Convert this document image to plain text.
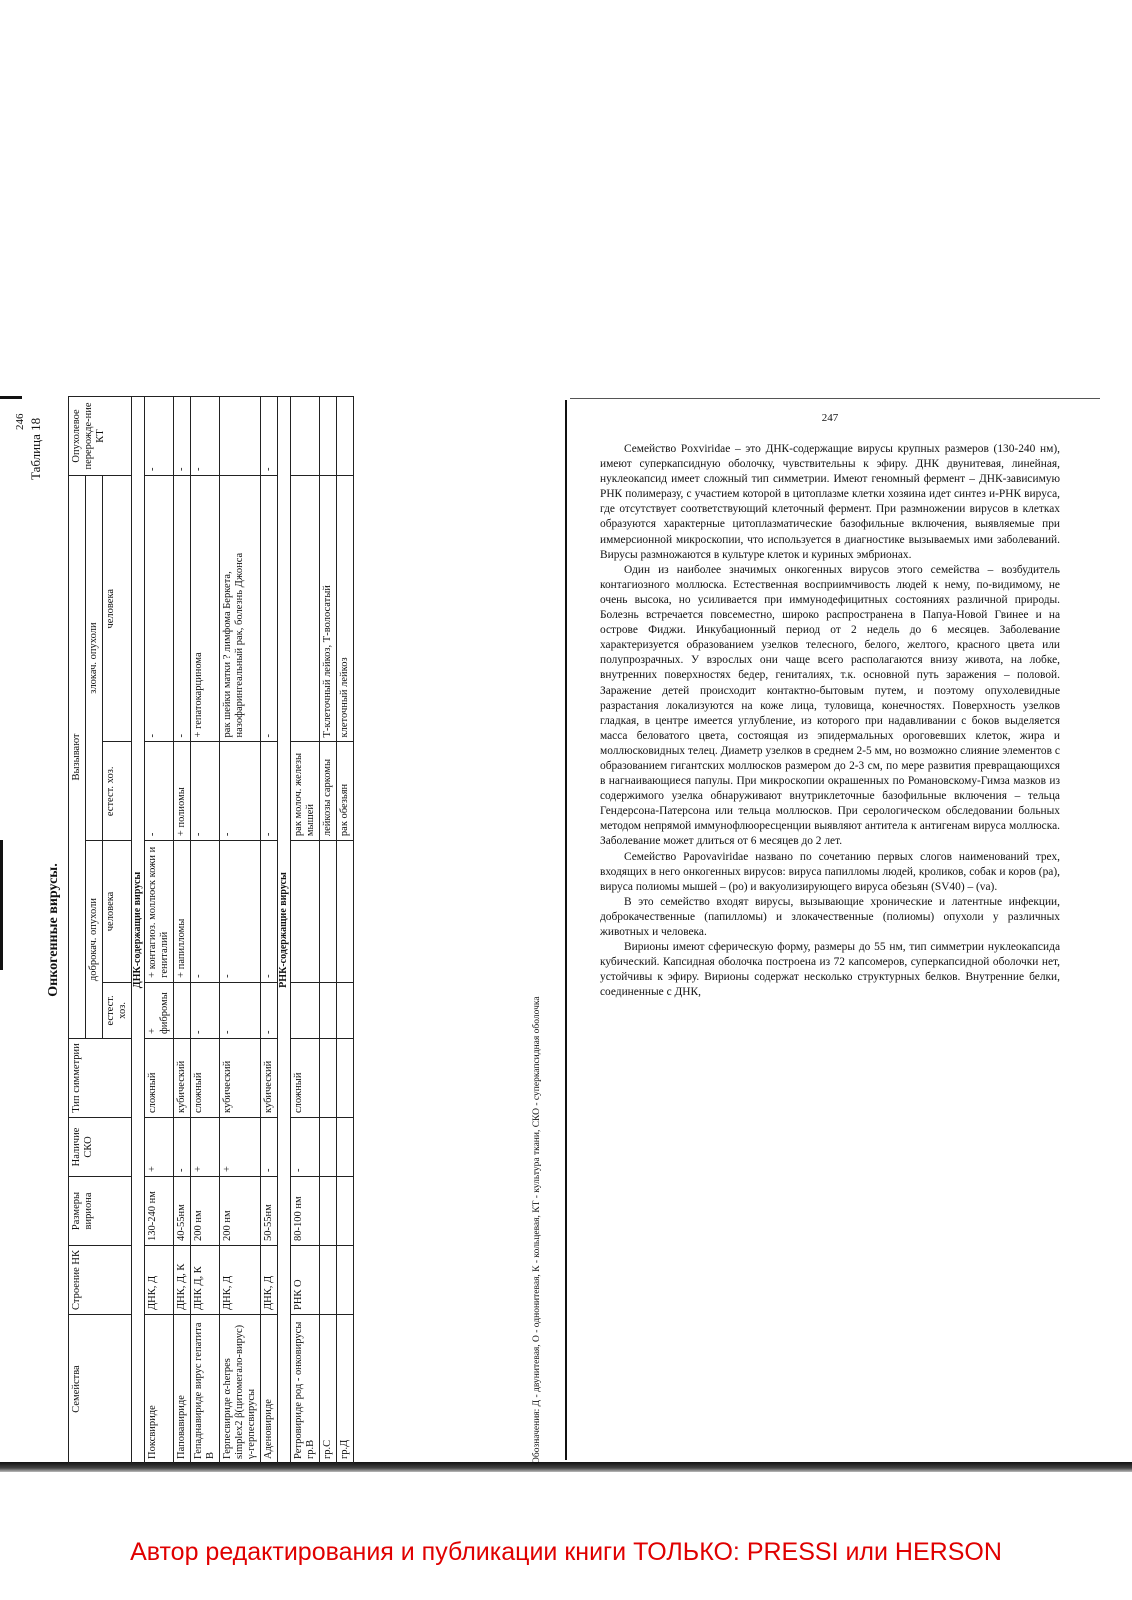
246 Таблица 18
Онкогенные вирусы.
Семейства	Строение НК	Размеры вириона	Наличие СКО	Тип симметрии	Вызывают				Опухолевое перерожде-ние КТ
					доброкач. опухоли		злокач. опухоли		
					естест. хоз.	человека	естест. хоз.	человека	
ДНК-содержащие вирусы									
Поксвириде	ДНК, Д	130-240 нм	+	сложный	+ фибромы	+ контагиоз. моллюск кожи и гениталий	-	-	-
Паповавириде	ДНК, Д, К	40-55нм	-	кубический		+ папилломы	+ полиомы	-	-
Гепаднавириде вирус гепатита В	ДНК Д, К	200 нм	+	сложный	-	-	-	+ гепатокарцинома	-
Герпесвириде α-herpes simplex2 β(цитомегало-вирус) γ-герпесвирусы	ДНК, Д	200 нм	+	кубический	-	-	-	рак шейки матки ? лимфома Беркета, назофарингеальный рак, болезнь Джонса	
Аденовириде	ДНК, Д	50-55нм	-	кубический	-	-	-	-	-
РНК-содержащие вирусы									
Ретровириде род - онковирусы гр.В	РНК О	80-100 нм	-	сложный			рак молоч. железы мышей		
гр.С							лейкозы саркомы	Т-клеточный лейкоз, Т-волосатый	
гр.Д							рак обезьян	клеточный лейкоз	
Обозначения: Д - двунитевая, О - однонитевая, К - кольцевая, КТ - культура ткани, СКО - суперкапсидная оболочка
247

Семейство Poxviridae – это ДНК-содержащие вирусы крупных размеров (130-240 нм), имеют суперкапсидную оболочку, чувствительны к эфиру. ДНК двунитевая, линейная, нуклеокапсид имеет сложный тип симметрии. Имеют геномный фермент – ДНК-зависимую РНК полимеразу, с участием которой в цитоплазме клетки хозяина идет синтез и-РНК вируса, где отсутствует соответствующий клеточный фермент. При размножении вирусов в клетках образуются характерные цитоплазматические базофильные включения, выявляемые при иммерсионной микроскопии, что используется в диагностике вызываемых ими заболеваний. Вирусы размножаются в культуре клеток и куриных эмбрионах.

Один из наиболее значимых онкогенных вирусов этого семейства – возбудитель контагиозного моллюска. Естественная восприимчивость людей к нему, по-видимому, не очень высока, но усиливается при иммунодефицитных состояниях различной природы. Болезнь встречается повсеместно, широко распространена в Папуа-Новой Гвинее и на острове Фиджи. Инкубационный период от 2 недель до 6 месяцев. Заболевание характеризуется образованием узелков телесного, белого, желтого, красного цвета или полупрозрачных. У взрослых они чаще всего располагаются внизу живота, на лобке, внутренних поверхностях бедер, гениталиях, т.к. основной путь заражения – половой. Заражение детей происходит контактно-бытовым путем, и поэтому опухолевидные разрастания локализуются на коже лица, туловища, конечностях. Поверхность узелков гладкая, в центре имеется углубление, из которого при надавливании с боков выделяется масса беловатого цвета, состоящая из эпидермальных ороговевших клеток, жира и моллюсковидных телец. Диаметр узелков в среднем 2-5 мм, но возможно слияние элементов с образованием гигантских моллюсков размером до 2-3 см, по мере развития превращающихся в нагнаивающиеся папулы. При микроскопии окрашенных по Романовскому-Гимза мазков из содержимого узелка обнаруживают внутриклеточные базофильные включения – тельца Гендерсона-Патерсона или тельца моллюсков. При серологическом обследовании больных методом непрямой иммунофлюоресценции выявляют антитела к антигенам вируса моллюска. Заболевание может длиться от 6 месяцев до 2 лет.

Семейство Papovaviridae названо по сочетанию первых слогов наименований трех, входящих в него онкогенных вирусов: вируса папилломы людей, кроликов, собак и коров (pa), вируса полиомы мышей – (po) и вакуолизирующего вируса обезьян (SV40) – (va).

В это семейство входят вирусы, вызывающие хронические и латентные инфекции, доброкачественные (папилломы) и злокачественные (полиомы) опухоли у различных животных и человека.

Вирионы имеют сферическую форму, размеры до 55 нм, тип симметрии нуклеокапсида кубический. Капсидная оболочка построена из 72 капсомеров, суперкапсидной оболочки нет, устойчивы к эфиру. Вирионы содержат несколько структурных белков. Внутренние белки, соединенные с ДНК,

Автор редактирования и публикации книги ТОЛЬКО: PRESSI или HERSON
